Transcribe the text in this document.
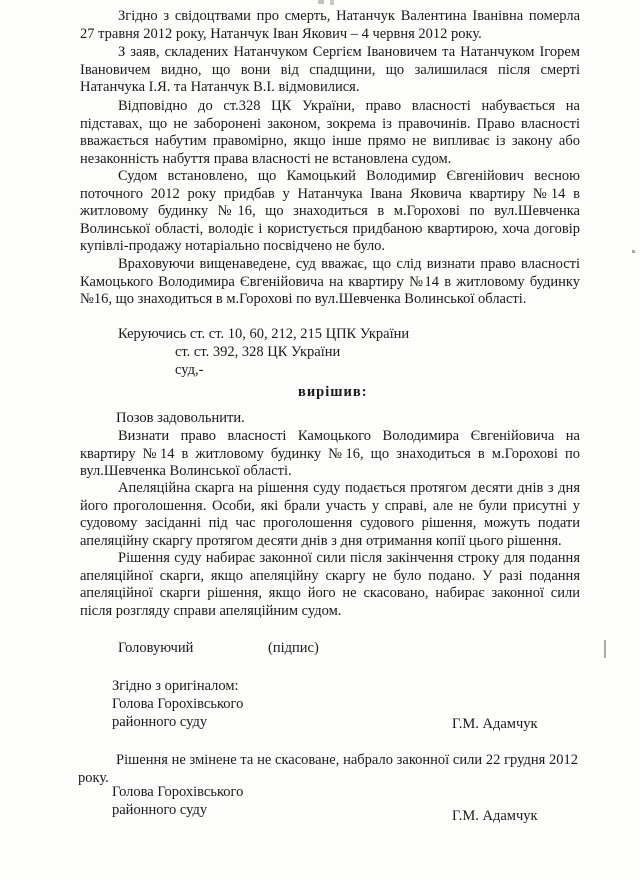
Згідно з свідоцтвами про смерть, Натанчук Валентина Іванівна померла 27 травня 2012 року, Натанчук Іван Якович – 4 червня 2012 року.

З заяв, складених Натанчуком Сергієм Івановичем та Натанчуком Ігорем Івановичем видно, що вони від спадщини, що залишилася після смерті Натанчука І.Я. та Натанчук В.І. відмовилися.

Відповідно до ст.328 ЦК України, право власності набувається на підставах, що не заборонені законом, зокрема із правочинів. Право власності вважається набутим правомірно, якщо інше прямо не випливає із закону або незаконність набуття права власності не встановлена судом.

Судом встановлено, що Камоцький Володимир Євгенійович весною поточного 2012 року придбав у Натанчука Івана Яковича квартиру №14 в житловому будинку №16, що знаходиться в м.Горохові по вул.Шевченка Волинської області, володіє і користується придбаною квартирою, хоча договір купівлі-продажу нотаріально посвідчено не було.

Враховуючи вищенаведене, суд вважає, що слід визнати право власності Камоцького Володимира Євгенійовича на квартиру №14 в житловому будинку №16, що знаходиться в м.Горохові по вул.Шевченка Волинської області.

Керуючись ст. ст. 10, 60, 212, 215 ЦПК України
ст. ст. 392, 328 ЦК України
суд,-
вирішив:
Позов задовольнити.

Визнати право власності Камоцького Володимира Євгенійовича на квартиру №14 в житловому будинку №16, що знаходиться в м.Горохові по вул.Шевченка Волинської області.

Апеляційна скарга на рішення суду подається протягом десяти днів з дня його проголошення. Особи, які брали участь у справі, але не були присутні у судовому засіданні під час проголошення судового рішення, можуть подати апеляційну скаргу протягом десяти днів з дня отримання копії цього рішення.

Рішення суду набирає законної сили після закінчення строку для подання апеляційної скарги, якщо апеляційну скаргу не було подано. У разі подання апеляційної скарги рішення, якщо його не скасовано, набирає законної сили після розгляду справи апеляційним судом.

Головуючий	(підпис)
Згідно з оригіналом:
Голова Горохівського
районного суду	Г.М. Адамчук

Рішення не змінене та не скасоване, набрало законної сили 22 грудня 2012 року.

Голова Горохівського
районного суду	Г.М. Адамчук
